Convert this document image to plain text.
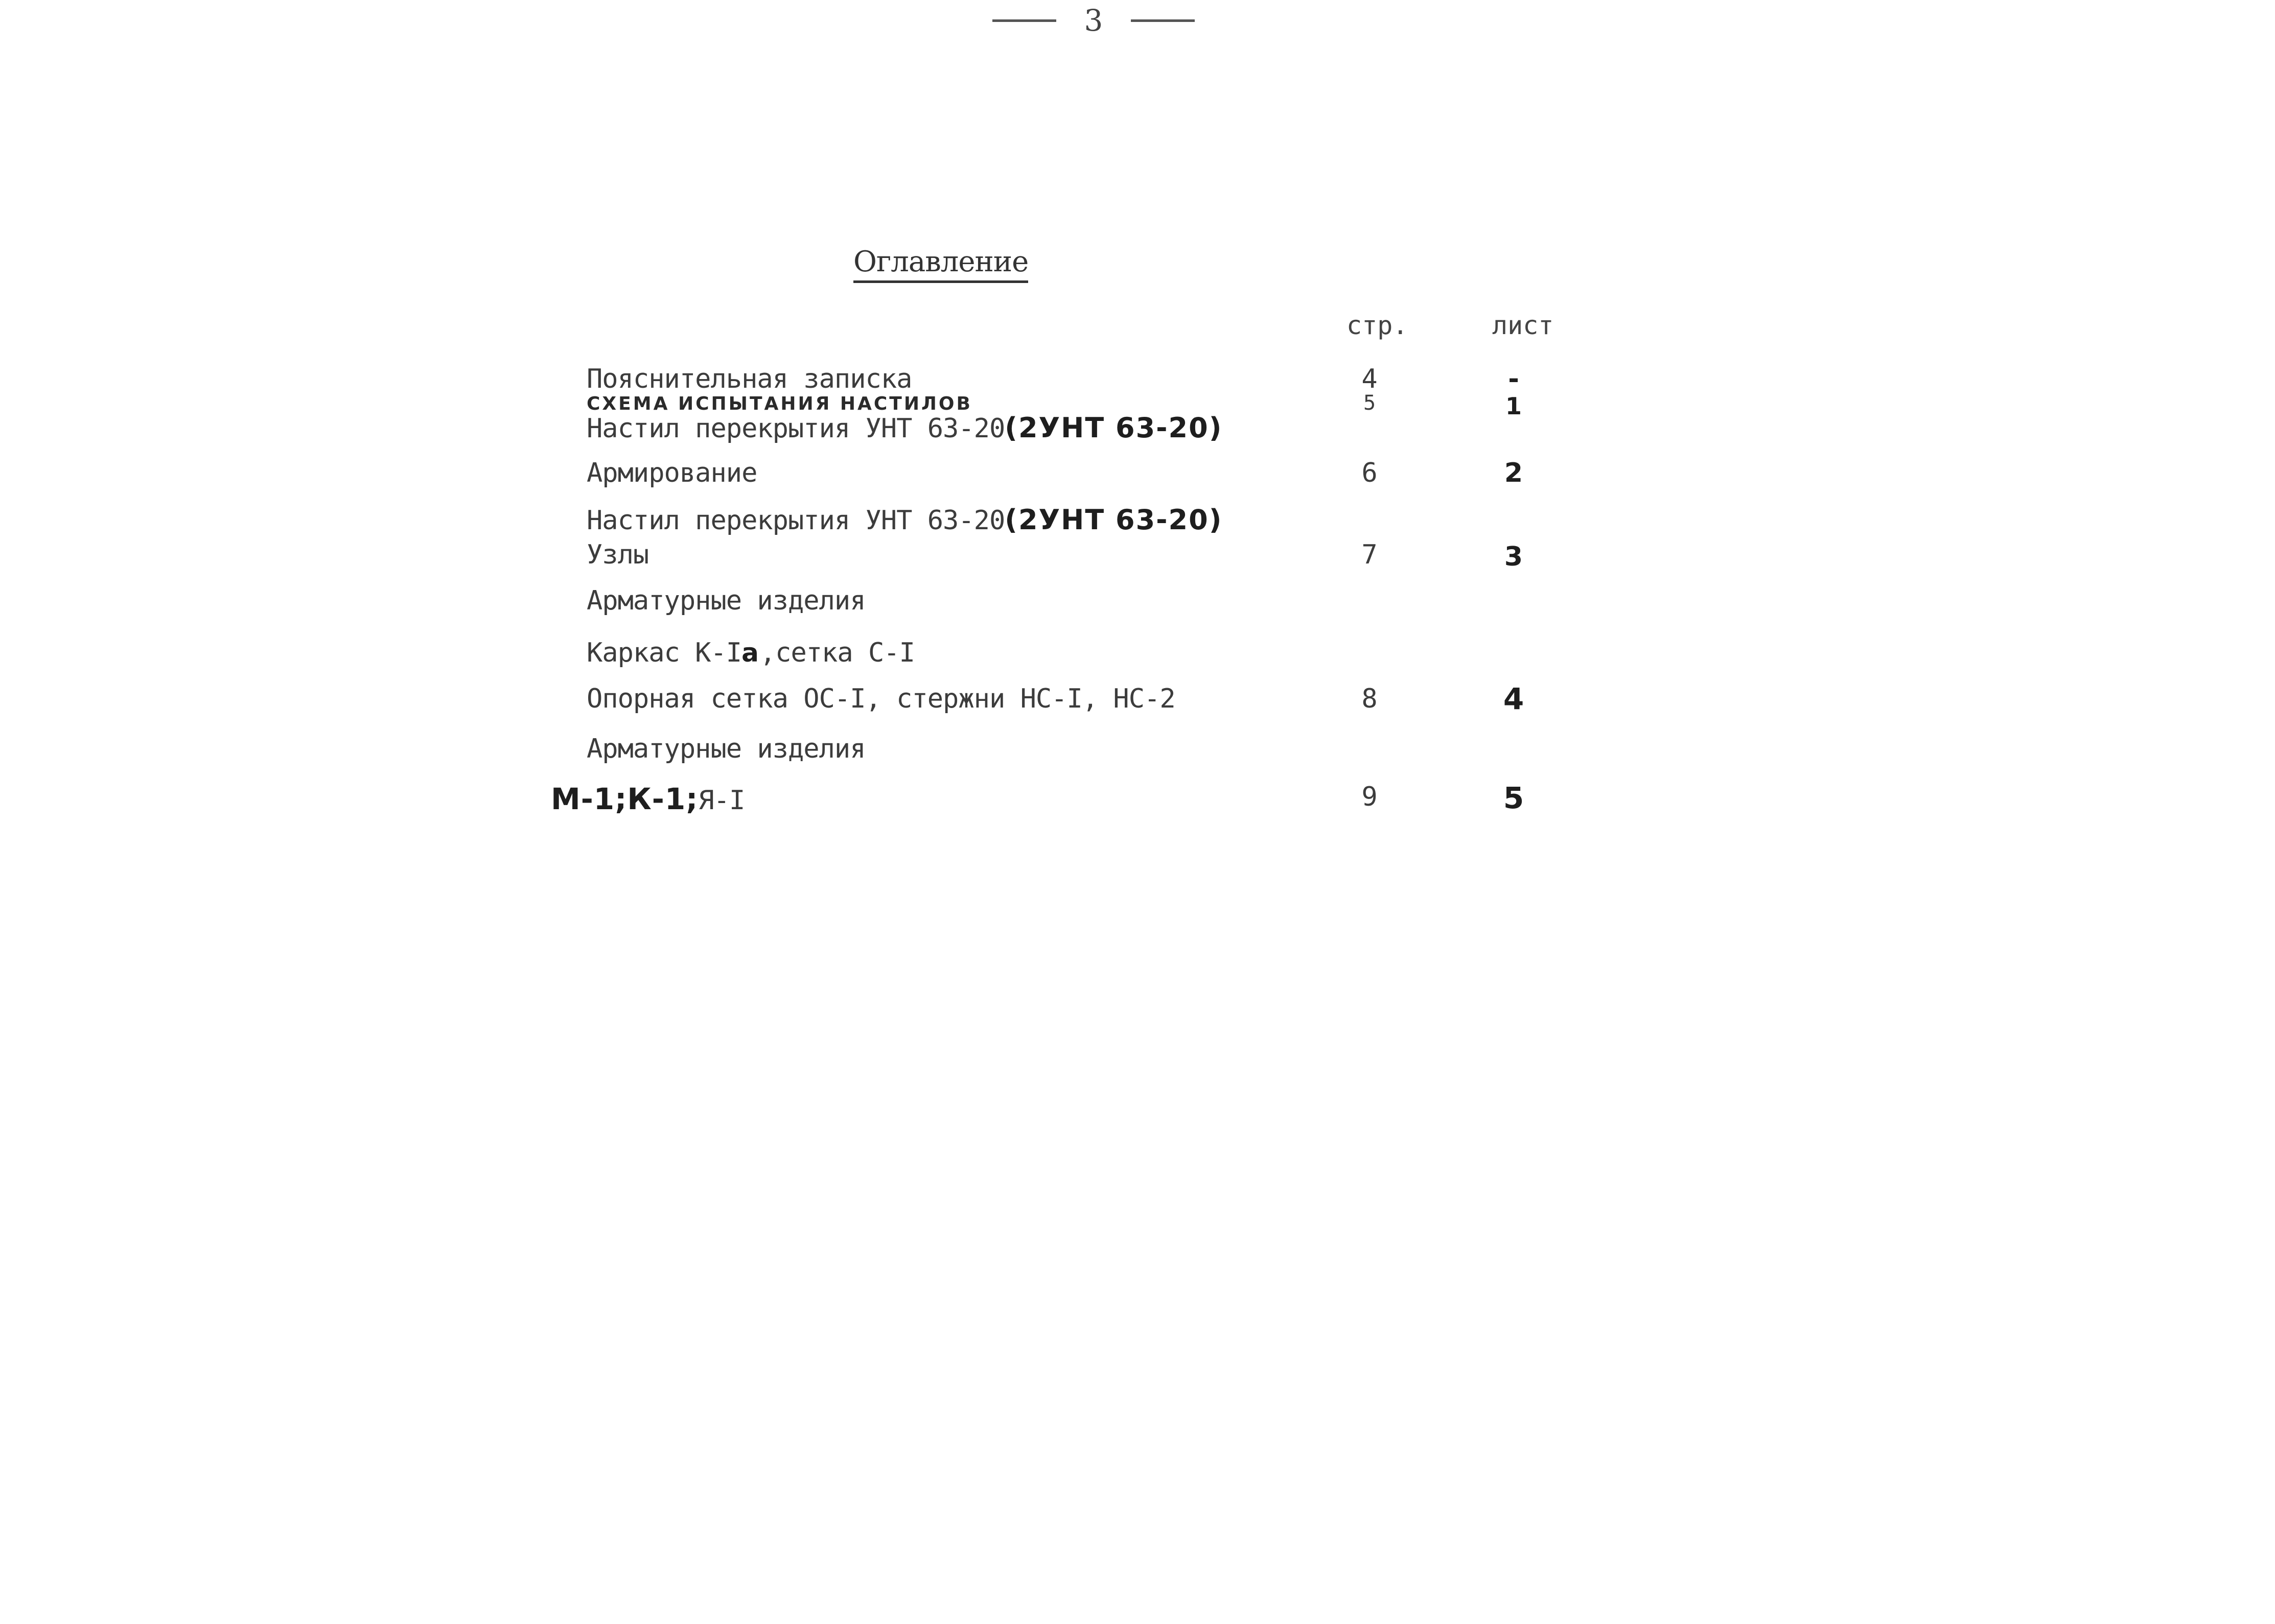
3
Оглавление
стр.	лист
Пояснительная записка	4	-
СХЕМА ИСПЫТАНИЯ НАСТИЛОВ	5	1
Настил перекрытия УНТ 63-20(2УНТ 63-20)
Армирование	6	2
Настил перекрытия УНТ 63-20(2УНТ 63-20)
Узлы	7	3
Арматурные изделия
Каркас К-Iа,сетка С-I
Опорная сетка ОС-I, стержни НС-I, НС-2	8	4
Арматурные изделия
М-1;К-1;Я-I	9	5
